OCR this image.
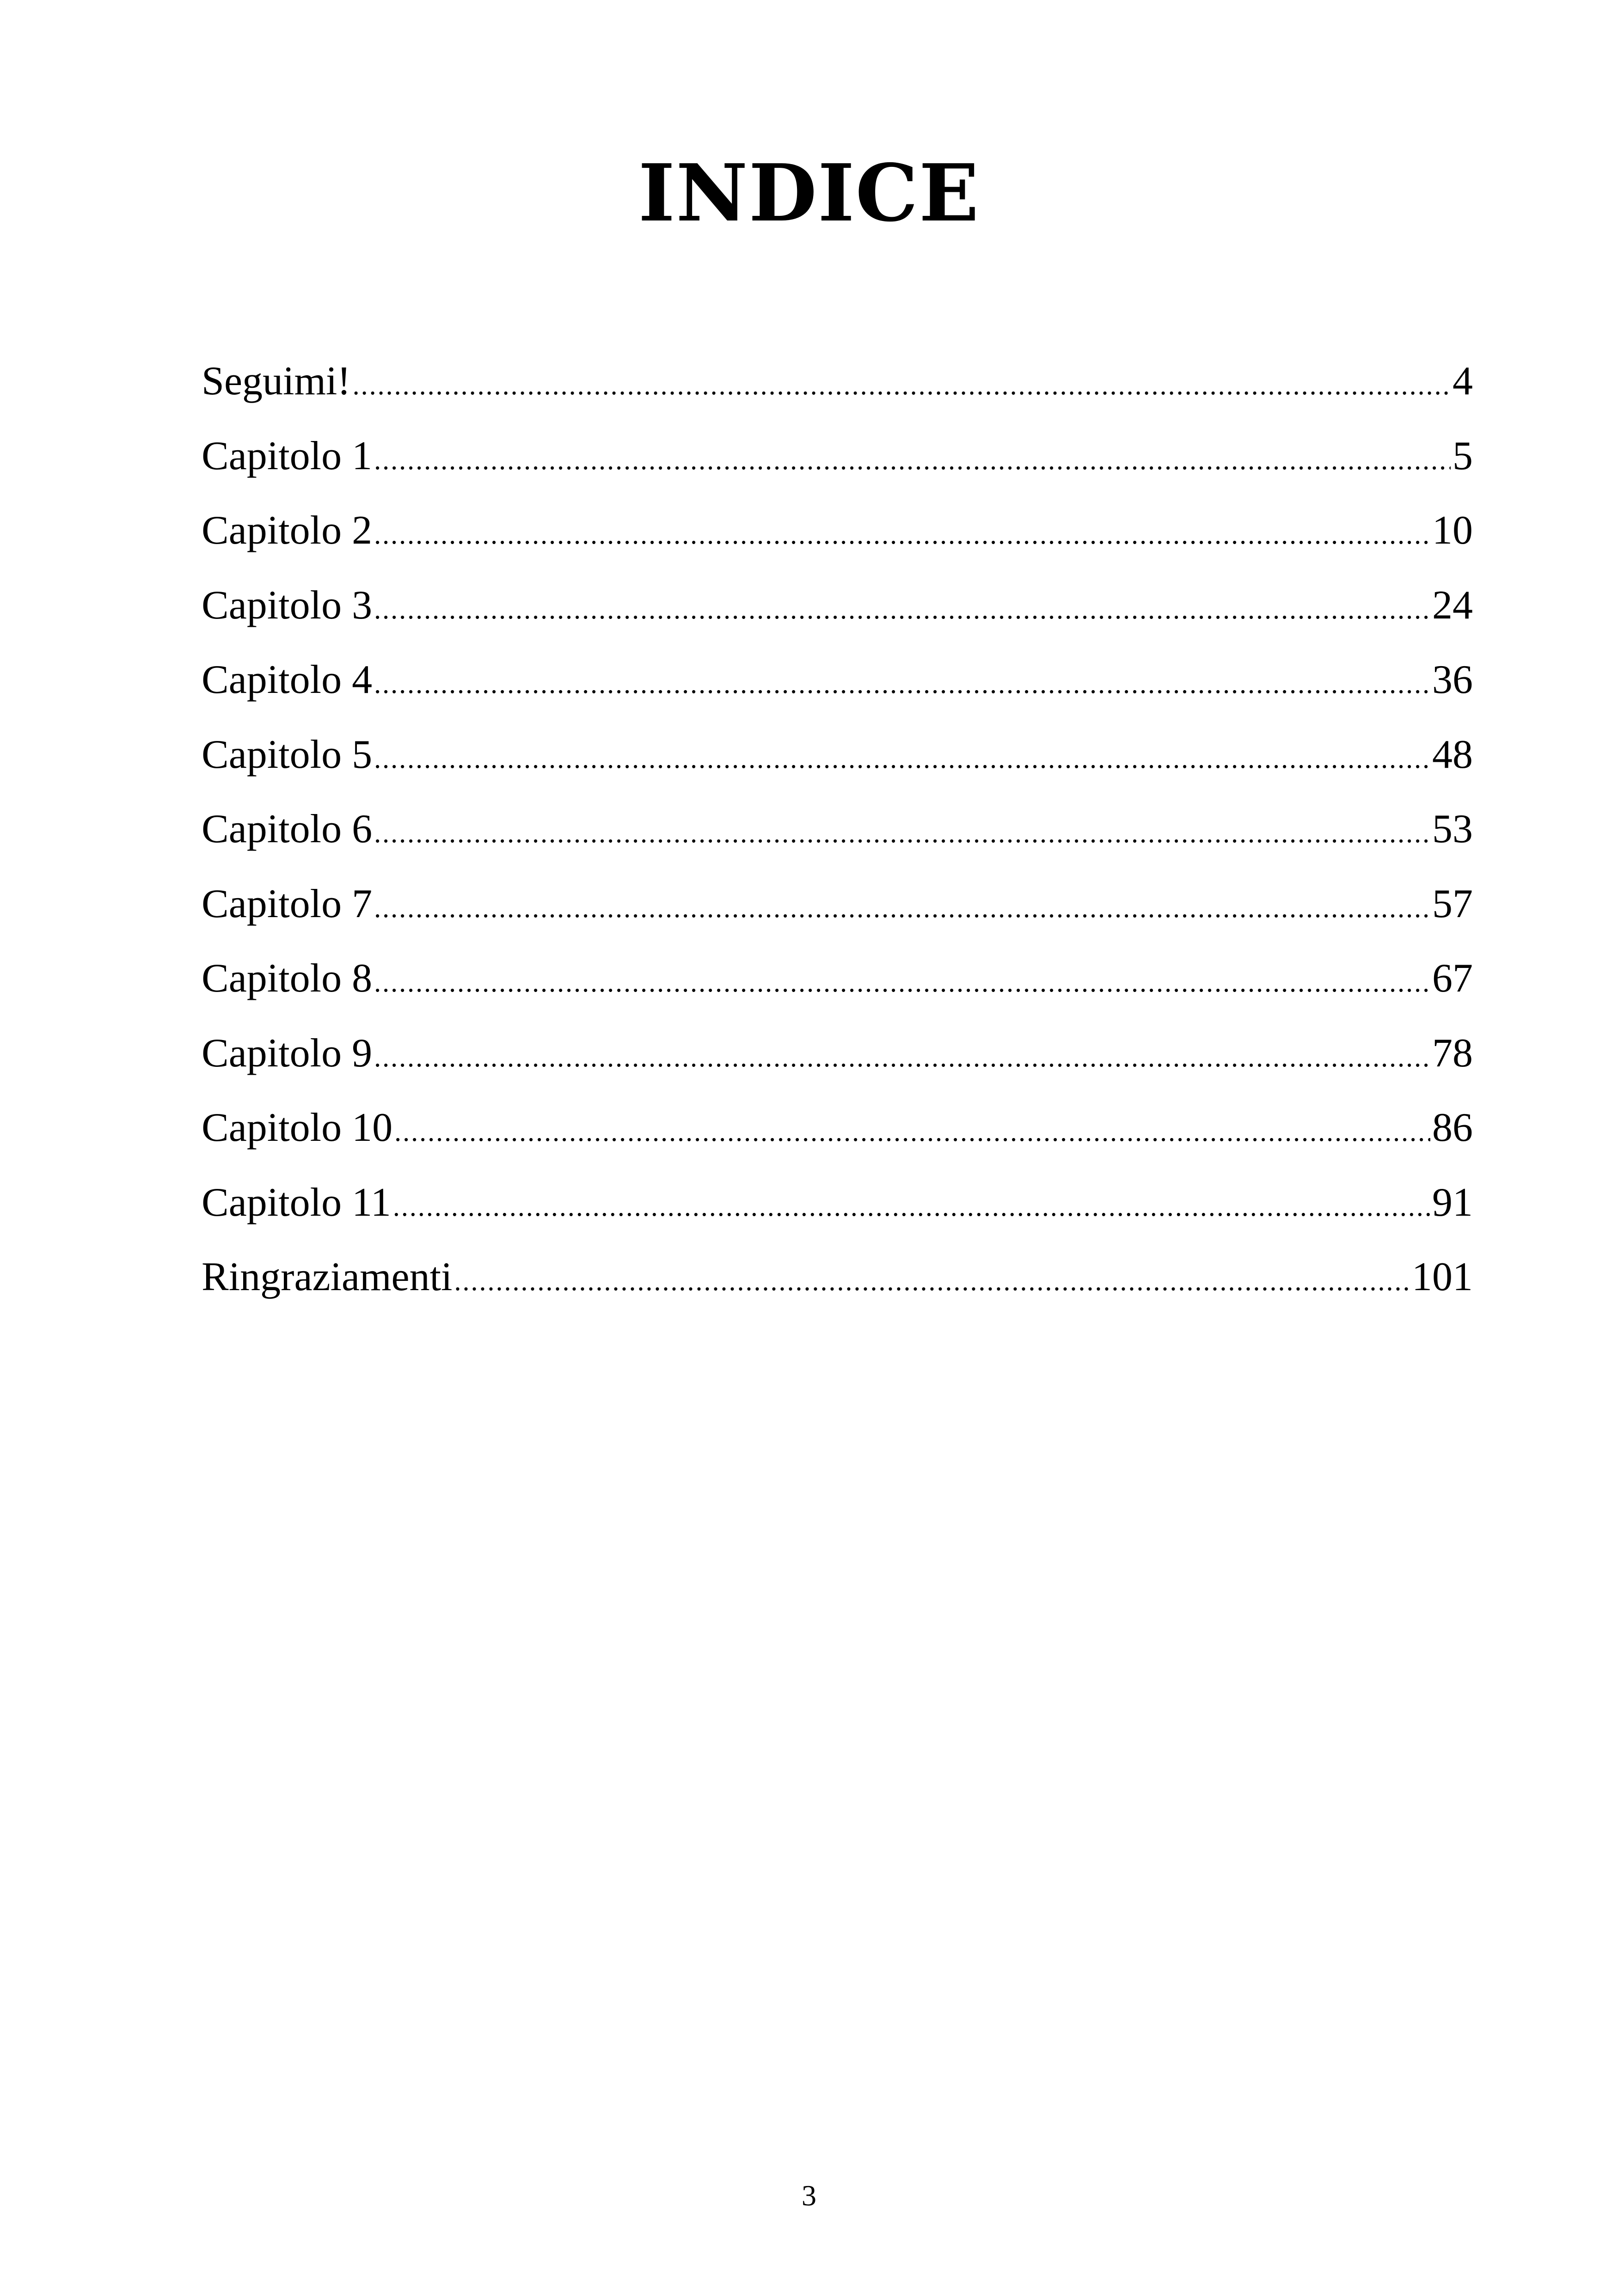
INDICE
Seguimi! .....	4
Capitolo 1 .....	5
Capitolo 2 .....	10
Capitolo 3 .....	24
Capitolo 4 .....	36
Capitolo 5 .....	48
Capitolo 6 .....	53
Capitolo 7 .....	57
Capitolo 8 .....	67
Capitolo 9 .....	78
Capitolo 10 .....	86
Capitolo 11 .....	91
Ringraziamenti .....	101
3
